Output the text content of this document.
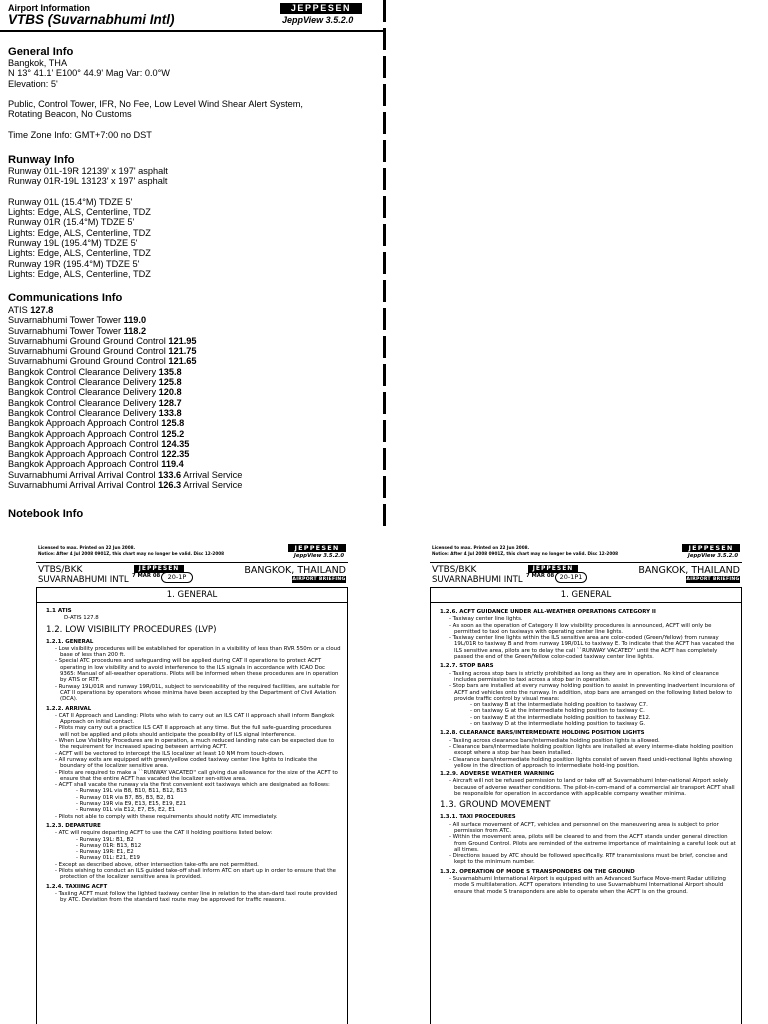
Airport Information
VTBS (Suvarnabhumi Intl)
JEPPESEN
JeppView 3.5.2.0
General Info
Bangkok, THA
N 13° 41.1' E100° 44.9' Mag Var: 0.0°W
Elevation: 5'
Public, Control Tower, IFR, No Fee, Low Level Wind Shear Alert System,
Rotating Beacon, No Customs
Time Zone Info: GMT+7:00 no DST
Runway Info
Runway 01L-19R 12139' x 197' asphalt
Runway 01R-19L 13123' x 197' asphalt
Runway 01L (15.4°M) TDZE 5'
Lights: Edge, ALS, Centerline, TDZ
Runway 01R (15.4°M) TDZE 5'
Lights: Edge, ALS, Centerline, TDZ
Runway 19L (195.4°M) TDZE 5'
Lights: Edge, ALS, Centerline, TDZ
Runway 19R (195.4°M) TDZE 5'
Lights: Edge, ALS, Centerline, TDZ
Communications Info
ATIS 127.8
Suvarnabhumi Tower Tower 119.0
Suvarnabhumi Tower Tower 118.2
Suvarnabhumi Ground Ground Control 121.95
Suvarnabhumi Ground Ground Control 121.75
Suvarnabhumi Ground Ground Control 121.65
Bangkok Control Clearance Delivery 135.8
Bangkok Control Clearance Delivery 125.8
Bangkok Control Clearance Delivery 120.8
Bangkok Control Clearance Delivery 128.7
Bangkok Control Clearance Delivery 133.8
Bangkok Approach Approach Control 125.8
Bangkok Approach Approach Control 125.2
Bangkok Approach Approach Control 124.35
Bangkok Approach Approach Control 122.35
Bangkok Approach Approach Control 119.4
Suvarnabhumi Arrival Arrival Control 133.6 Arrival Service
Suvarnabhumi Arrival Arrival Control 126.3 Arrival Service
Notebook Info
Licensed to max. Printed on 22 Jun 2008.
Notice: After 4 Jul 2008 0901Z, this chart may no longer be valid. Disc 12-2008
JEPPESEN
JeppView 3.5.2.0
VTBS/BKK
SUVARNABHUMI INTL
JEPPESEN
7 MAR 08	20-1P
BANGKOK, THAILAND
AIRPORT BRIEFING
1. GENERAL
1.1 ATIS
D-ATIS 127.8
1.2. LOW VISIBILITY PROCEDURES (LVP)
1.2.1. GENERAL
- Low visibility procedures will be established for operation in a visibility of less than RVR 550m or a cloud base of less than 200 ft.
- Special ATC procedures and safeguarding will be applied during CAT II operations to protect ACFT operating in low visibility and to avoid interference to the ILS signals in accordance with ICAO Doc 9365: Manual of all-weather operations. Pilots will be informed when these procedures are in operation by ATIS or RTF.
- Runway 19L/01R and runway 19R/01L, subject to serviceability of the required facilities, are suitable for CAT II operations by operators whose minima have been accepted by the Department of Civil Aviation (DCA).
1.2.2. ARRIVAL
- CAT II Approach and Landing: Pilots who wish to carry out an ILS CAT II approach shall inform Bangkok Approach on initial contact.
- Pilots may carry out a practice ILS CAT II approach at any time. But the full safe-guarding procedures will not be applied and pilots should anticipate the possibility of ILS signal interference.
- When Low Visibility Procedures are in operation, a much reduced landing rate can be expected due to the requirement for increased spacing between arriving ACFT.
- ACFT will be vectored to intercept the ILS localizer at least 10 NM from touch-down.
- All runway exits are equipped with green/yellow coded taxiway center line lights to indicate the boundary of the localizer sensitive area.
- Pilots are required to make a ``RUNWAY VACATED'' call giving due allowance for the size of the ACFT to ensure that the entire ACFT has vacated the localizer sen-sitive area.
- ACFT shall vacate the runway via the first convenient exit taxiways which are designated as follows:
- Runway 19L via B8, B10, B11, B12, B13
- Runway 01R via B7, B5, B3, B2, B1
- Runway 19R via E9, E13, E15, E19, E21
- Runway 01L via E12, E7, E5, E2, E1
- Pilots not able to comply with these requirements should notify ATC immediately.
1.2.3. DEPARTURE
- ATC will require departing ACFT to use the CAT II holding positions listed below:
- Runway 19L: B1, B2
- Runway 01R: B13, B12
- Runway 19R: E1, E2
- Runway 01L: E21, E19
- Except as described above, other intersection take-offs are not permitted.
- Pilots wishing to conduct an ILS guided take-off shall inform ATC on start up in order to ensure that the protection of the localizer sensitive area is provided.
1.2.4. TAXIING ACFT
- Taxiing ACFT must follow the lighted taxiway center line in relation to the stan-dard taxi route provided by ATC. Deviation from the standard taxi route may be approved for traffic reasons.
Licensed to max. Printed on 22 Jun 2008.
Notice: After 4 Jul 2008 0901Z, this chart may no longer be valid. Disc 12-2008
JEPPESEN
JeppView 3.5.2.0
VTBS/BKK
SUVARNABHUMI INTL
JEPPESEN
7 MAR 08 20-1P1
BANGKOK, THAILAND
AIRPORT BRIEFING
1. GENERAL
1.2.6. ACFT GUIDANCE UNDER ALL-WEATHER OPERATIONS CATEGORY II
- Taxiway center line lights.
- As soon as the operation of Category II low visibility procedures is announced, ACFT will only be permitted to taxi on taxiways with operating center line lights.
- Taxiway center line lights within the ILS sensitive area are color-coded (Green/Yellow) from runway 19L/01R to taxiway B and from runway 19R/01L to taxiway E. To indicate that the ACFT has vacated the ILS sensitive area, pilots are to delay the call ``RUNWAY VACATED'' until the ACFT has completely passed the end of the Green/Yellow color-coded taxiway center line lights.
1.2.7. STOP BARS
- Taxiing across stop bars is strictly prohibited as long as they are in operation. No kind of clearance includes permission to taxi across a stop bar in operation.
- Stop bars are installed at every runway holding position to assist in preventing inadvertent incursions of ACFT and vehicles onto the runway. In addition, stop bars are arranged on the following listed below to provide traffic control by visual means:
- on taxiway B at the intermediate holding position to taxiway C7.
- on taxiway G at the intermediate holding position to taxiway C.
- on taxiway E at the intermediate holding position to taxiway E12.
- on taxiway D at the intermediate holding position to taxiway G.
1.2.8. CLEARANCE BARS/INTERMEDIATE HOLDING POSITION LIGHTS
- Taxiing across clearance bars/intermediate holding position lights is allowed.
- Clearance bars/intermediate holding position lights are installed at every interme-diate holding position except where a stop bar has been installed.
- Clearance bars/intermediate holding position lights consist of seven fixed unidi-rectional lights showing yellow in the direction of approach to intermediate hold-ing position.
1.2.9. ADVERSE WEATHER WARNING
- Aircraft will not be refused permission to land or take off at Suvarnabhumi Inter-national Airport solely because of adverse weather conditions. The pilot-in-com-mand of a commercial air transport ACFT shall be responsible for operation in accordance with applicable company weather minima.
1.3. GROUND MOVEMENT
1.3.1. TAXI PROCEDURES
- All surface movement of ACFT, vehicles and personnel on the maneuvering area is subject to prior permission from ATC.
- Within the movement area, pilots will be cleared to and from the ACFT stands under general direction from Ground Control. Pilots are reminded of the extreme importance of maintaining a careful look out at all times.
- Directions issued by ATC should be followed specifically. RTF transmissions must be brief, concise and kept to the minimum number.
1.3.2. OPERATION OF MODE S TRANSPONDERS ON THE GROUND
- Suvarnabhumi International Airport is equipped with an Advanced Surface Move-ment Radar utilizing mode S multilateration. ACFT operators intending to use Suvarnabhumi International Airport should ensure that mode S transponders are able to operate when the ACFT is on the ground.
